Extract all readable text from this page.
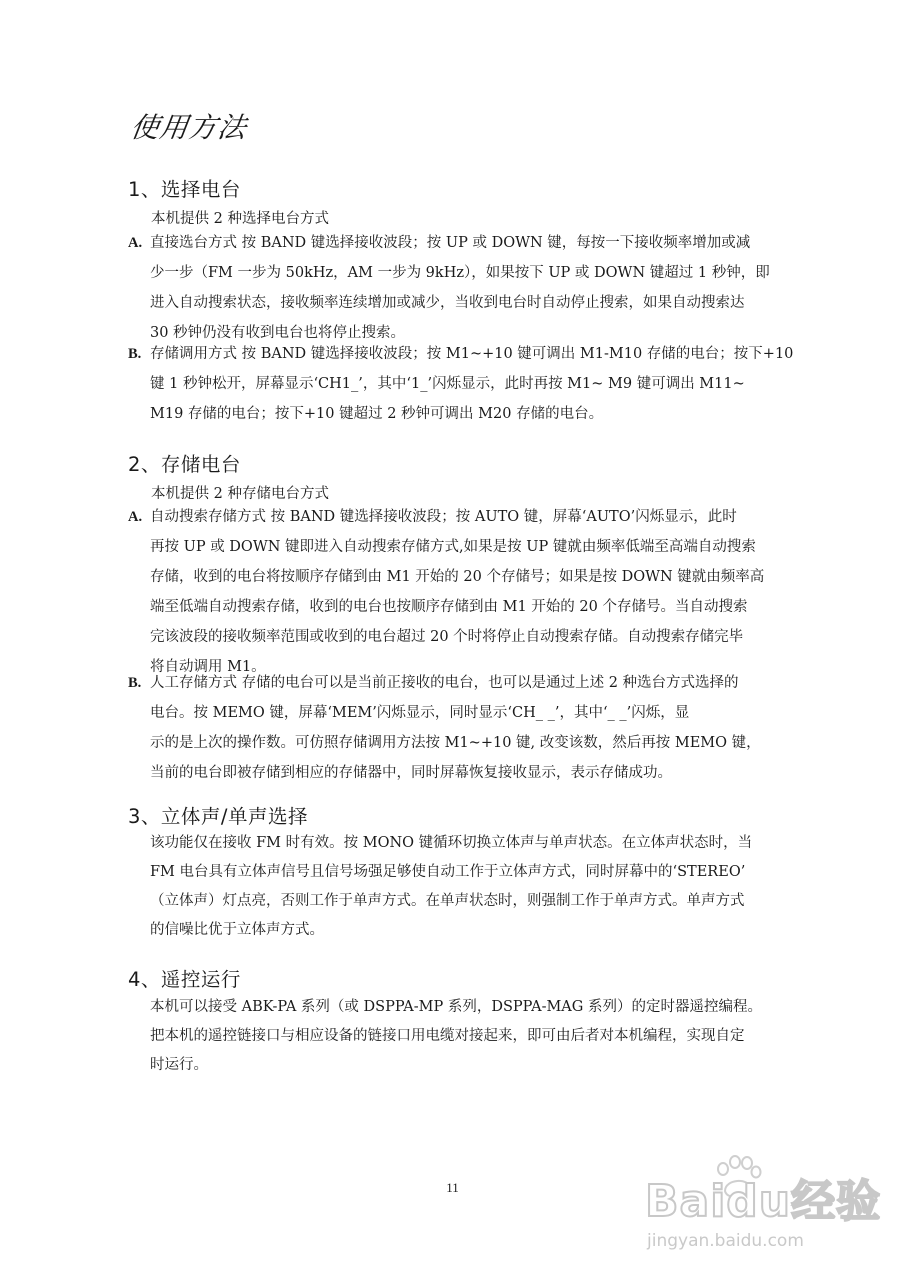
使用方法
1、选择电台
本机提供 2 种选择电台方式
A. 直接选台方式 按 BAND 键选择接收波段；按 UP 或 DOWN 键，每按一下接收频率增加或减
少一步（FM 一步为 50kHz，AM 一步为 9kHz），如果按下 UP 或 DOWN 键超过 1 秒钟，即
进入自动搜索状态，接收频率连续增加或减少，当收到电台时自动停止搜索，如果自动搜索达
30 秒钟仍没有收到电台也将停止搜索。
B. 存储调用方式 按 BAND 键选择接收波段；按 M1~+10 键可调出 M1-M10 存储的电台；按下+10
键 1 秒钟松开，屏幕显示‘CH1_’，其中‘1_’闪烁显示，此时再按 M1~ M9 键可调出 M11~
M19 存储的电台；按下+10 键超过 2 秒钟可调出 M20 存储的电台。
2、存储电台
本机提供 2 种存储电台方式
A. 自动搜索存储方式 按 BAND 键选择接收波段；按 AUTO 键，屏幕‘AUTO’闪烁显示，此时
再按 UP 或 DOWN 键即进入自动搜索存储方式,如果是按 UP 键就由频率低端至高端自动搜索
存储，收到的电台将按顺序存储到由 M1 开始的 20 个存储号；如果是按 DOWN 键就由频率高
端至低端自动搜索存储，收到的电台也按顺序存储到由 M1 开始的 20 个存储号。当自动搜索
完该波段的接收频率范围或收到的电台超过 20 个时将停止自动搜索存储。自动搜索存储完毕
将自动调用 M1。
B. 人工存储方式 存储的电台可以是当前正接收的电台，也可以是通过上述 2 种选台方式选择的
电台。按 MEMO 键，屏幕‘MEM’闪烁显示，同时显示‘CH_ _’，其中‘_ _’闪烁，显
示的是上次的操作数。可仿照存储调用方法按 M1~+10 键, 改变该数，然后再按 MEMO 键，
当前的电台即被存储到相应的存储器中，同时屏幕恢复接收显示，表示存储成功。
3、立体声/单声选择
该功能仅在接收 FM 时有效。按 MONO 键循环切换立体声与单声状态。在立体声状态时，当
FM 电台具有立体声信号且信号场强足够使自动工作于立体声方式，同时屏幕中的‘STEREO’
（立体声）灯点亮，否则工作于单声方式。在单声状态时，则强制工作于单声方式。单声方式
的信噪比优于立体声方式。
4、遥控运行
本机可以接受 ABK-PA 系列（或 DSPPA-MP 系列，DSPPA-MAG 系列）的定时器遥控编程。
把本机的遥控链接口与相应设备的链接口用电缆对接起来，即可由后者对本机编程，实现自定
时运行。
11	Baidu经验
jingyan.baidu.com
